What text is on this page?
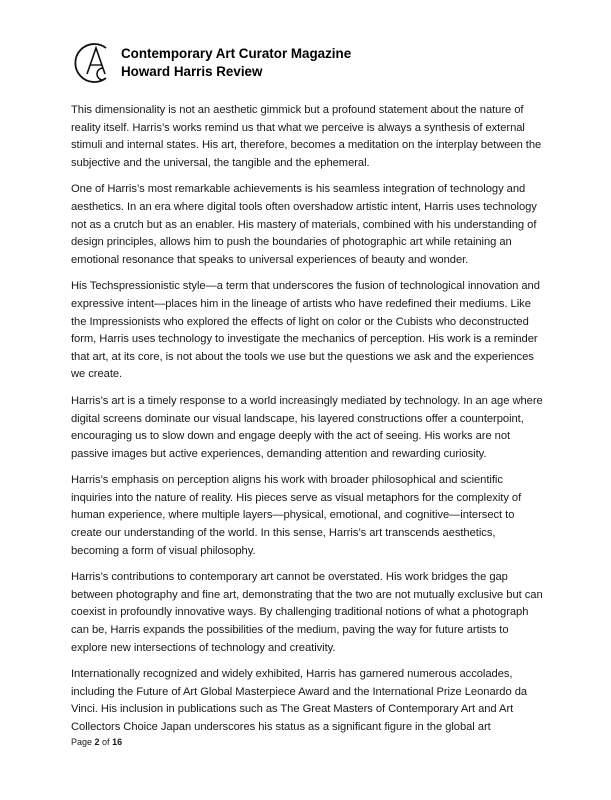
Contemporary Art Curator Magazine
Howard Harris Review

This dimensionality is not an aesthetic gimmick but a profound statement about the nature of reality itself. Harris’s works remind us that what we perceive is always a synthesis of external stimuli and internal states. His art, therefore, becomes a meditation on the interplay between the subjective and the universal, the tangible and the ephemeral.

One of Harris’s most remarkable achievements is his seamless integration of technology and aesthetics. In an era where digital tools often overshadow artistic intent, Harris uses technology not as a crutch but as an enabler. His mastery of materials, combined with his understanding of design principles, allows him to push the boundaries of photographic art while retaining an emotional resonance that speaks to universal experiences of beauty and wonder.

His Techspressionistic style—a term that underscores the fusion of technological innovation and expressive intent—places him in the lineage of artists who have redefined their mediums. Like the Impressionists who explored the effects of light on color or the Cubists who deconstructed form, Harris uses technology to investigate the mechanics of perception. His work is a reminder that art, at its core, is not about the tools we use but the questions we ask and the experiences we create.

Harris’s art is a timely response to a world increasingly mediated by technology. In an age where digital screens dominate our visual landscape, his layered constructions offer a counterpoint, encouraging us to slow down and engage deeply with the act of seeing. His works are not passive images but active experiences, demanding attention and rewarding curiosity.

Harris’s emphasis on perception aligns his work with broader philosophical and scientific inquiries into the nature of reality. His pieces serve as visual metaphors for the complexity of human experience, where multiple layers—physical, emotional, and cognitive—intersect to create our understanding of the world. In this sense, Harris’s art transcends aesthetics, becoming a form of visual philosophy.

Harris’s contributions to contemporary art cannot be overstated. His work bridges the gap between photography and fine art, demonstrating that the two are not mutually exclusive but can coexist in profoundly innovative ways. By challenging traditional notions of what a photograph can be, Harris expands the possibilities of the medium, paving the way for future artists to explore new intersections of technology and creativity.

Internationally recognized and widely exhibited, Harris has garnered numerous accolades, including the Future of Art Global Masterpiece Award and the International Prize Leonardo da Vinci. His inclusion in publications such as The Great Masters of Contemporary Art and Art Collectors Choice Japan underscores his status as a significant figure in the global art

Page 2 of 16
